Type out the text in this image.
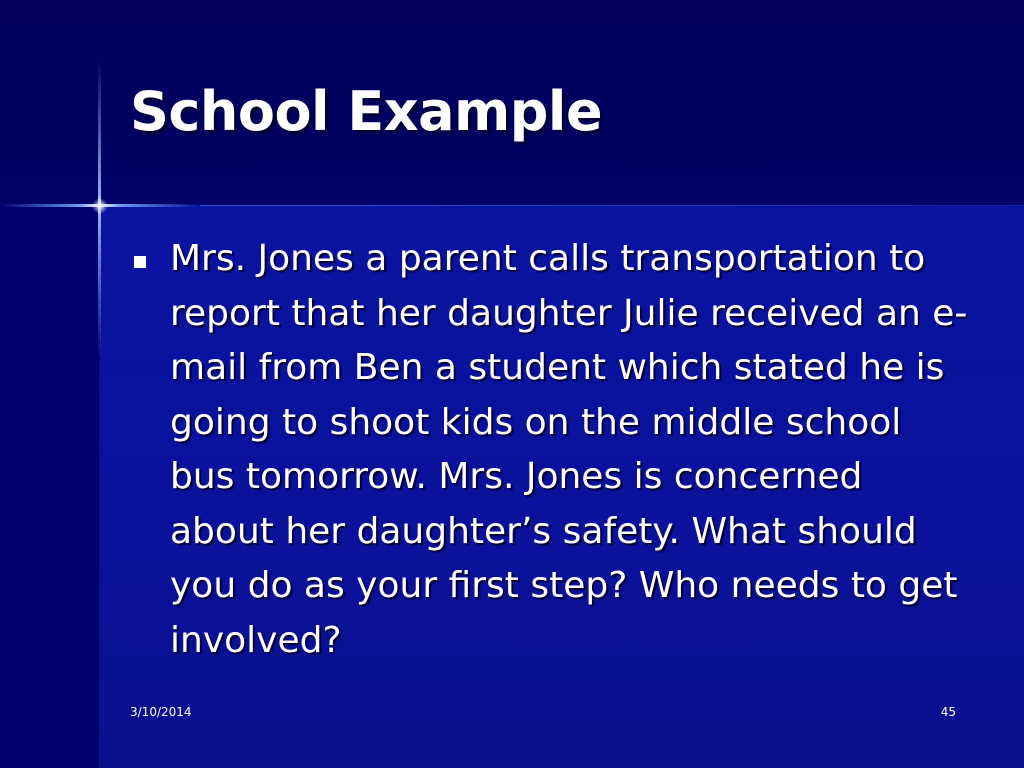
School Example
Mrs. Jones a parent calls transportation to report that her daughter Julie received an e-mail from Ben a student which stated he is going to shoot kids on the middle school bus tomorrow. Mrs. Jones is concerned about her daughter’s safety. What should you do as your first step? Who needs to get involved?
3/10/2014	45
